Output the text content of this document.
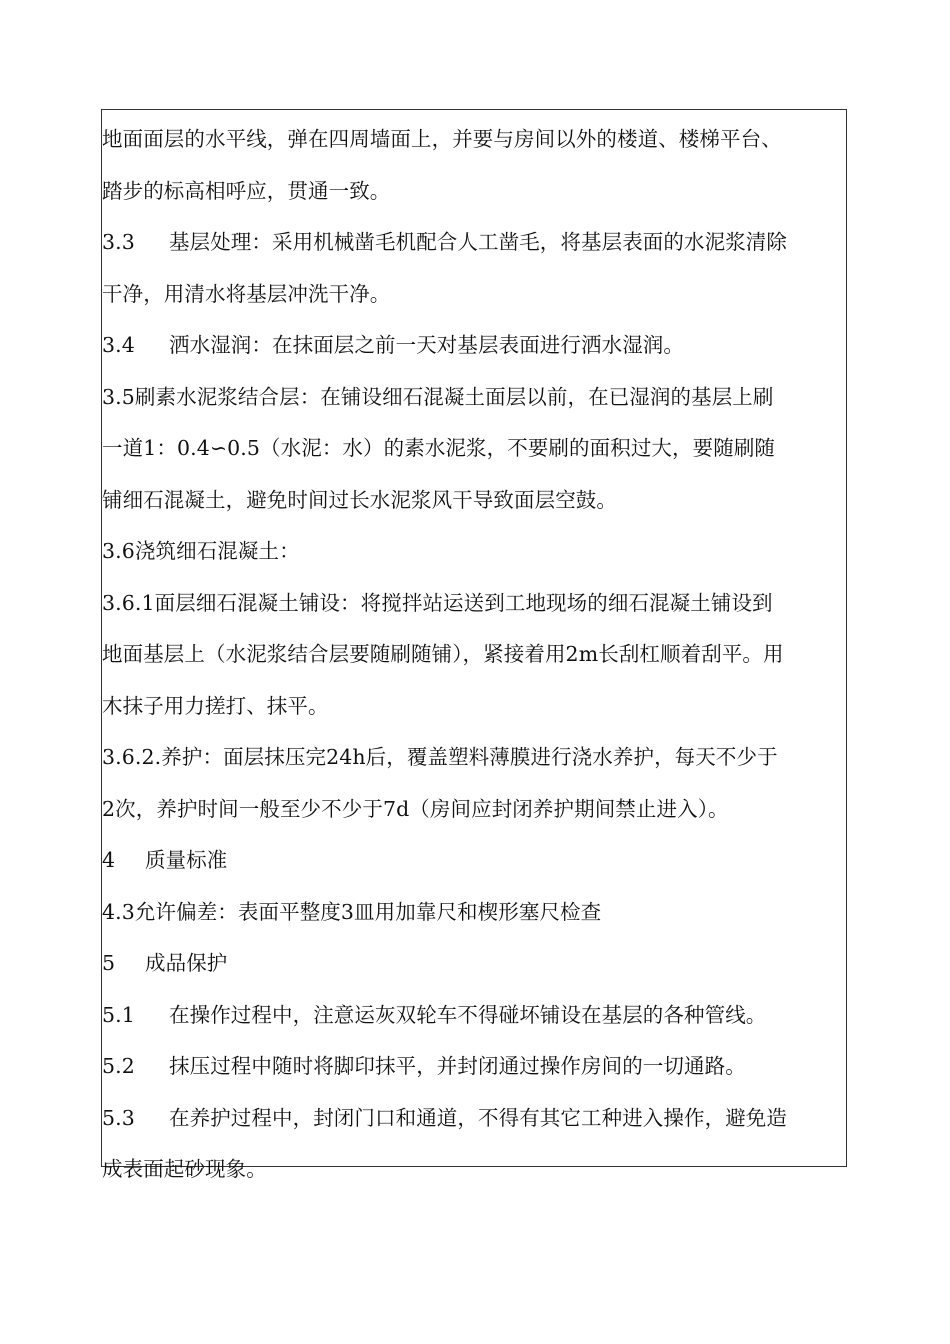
地面面层的水平线，弹在四周墙面上，并要与房间以外的楼道、楼梯平台、
踏步的标高相呼应，贯通一致。
3.3 基层处理：采用机械凿毛机配合人工凿毛，将基层表面的水泥浆清除
干净，用清水将基层冲洗干净。
3.4 洒水湿润：在抹面层之前一天对基层表面进行洒水湿润。
3.5刷素水泥浆结合层：在铺设细石混凝土面层以前，在已湿润的基层上刷
一道1：0.4∽0.5（水泥：水）的素水泥浆，不要刷的面积过大，要随刷随
铺细石混凝土，避免时间过长水泥浆风干导致面层空鼓。
3.6浇筑细石混凝土：
3.6.1面层细石混凝土铺设：将搅拌站运送到工地现场的细石混凝土铺设到
地面基层上（水泥浆结合层要随刷随铺），紧接着用2m长刮杠顺着刮平。用
木抹子用力搓打、抹平。
3.6.2.养护：面层抹压完24h后，覆盖塑料薄膜进行浇水养护，每天不少于
2次，养护时间一般至少不少于7d（房间应封闭养护期间禁止进入）。
4 质量标准
4.3允许偏差：表面平整度3皿用加靠尺和楔形塞尺检查
5 成品保护
5.1 在操作过程中，注意运灰双轮车不得碰坏铺设在基层的各种管线。
5.2 抹压过程中随时将脚印抹平，并封闭通过操作房间的一切通路。
5.3 在养护过程中，封闭门口和通道，不得有其它工种进入操作，避免造
成表面起砂现象。
